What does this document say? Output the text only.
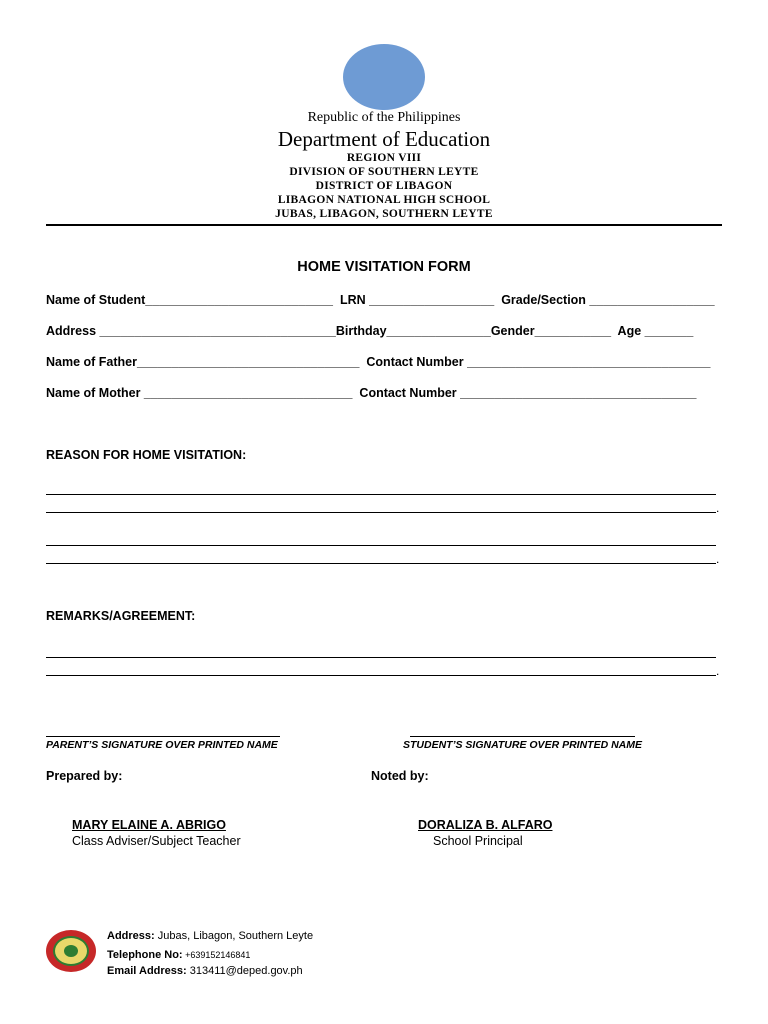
Republic of the Philippines
Department of Education
REGION VIII
DIVISION OF SOUTHERN LEYTE
DISTRICT OF LIBAGON
LIBAGON NATIONAL HIGH SCHOOL
JUBAS, LIBAGON, SOUTHERN LEYTE
HOME VISITATION FORM
Name of Student___________________________  LRN __________________  Grade/Section __________________
Address __________________________________Birthday_______________Gender___________  Age _______
Name of Father________________________________  Contact Number ___________________________________
Name of Mother ______________________________  Contact Number __________________________________
REASON FOR HOME VISITATION:
.
.
REMARKS/AGREEMENT:
.
PARENT’S SIGNATURE OVER PRINTED NAME	STUDENT’S SIGNATURE OVER PRINTED NAME
Prepared by:	Noted by:
MARY ELAINE A. ABRIGO
Class Adviser/Subject Teacher
DORALIZA B. ALFARO
School Principal
Address: Jubas, Libagon, Southern Leyte
Telephone No: +639152146841
Email Address: 313411@deped.gov.ph
